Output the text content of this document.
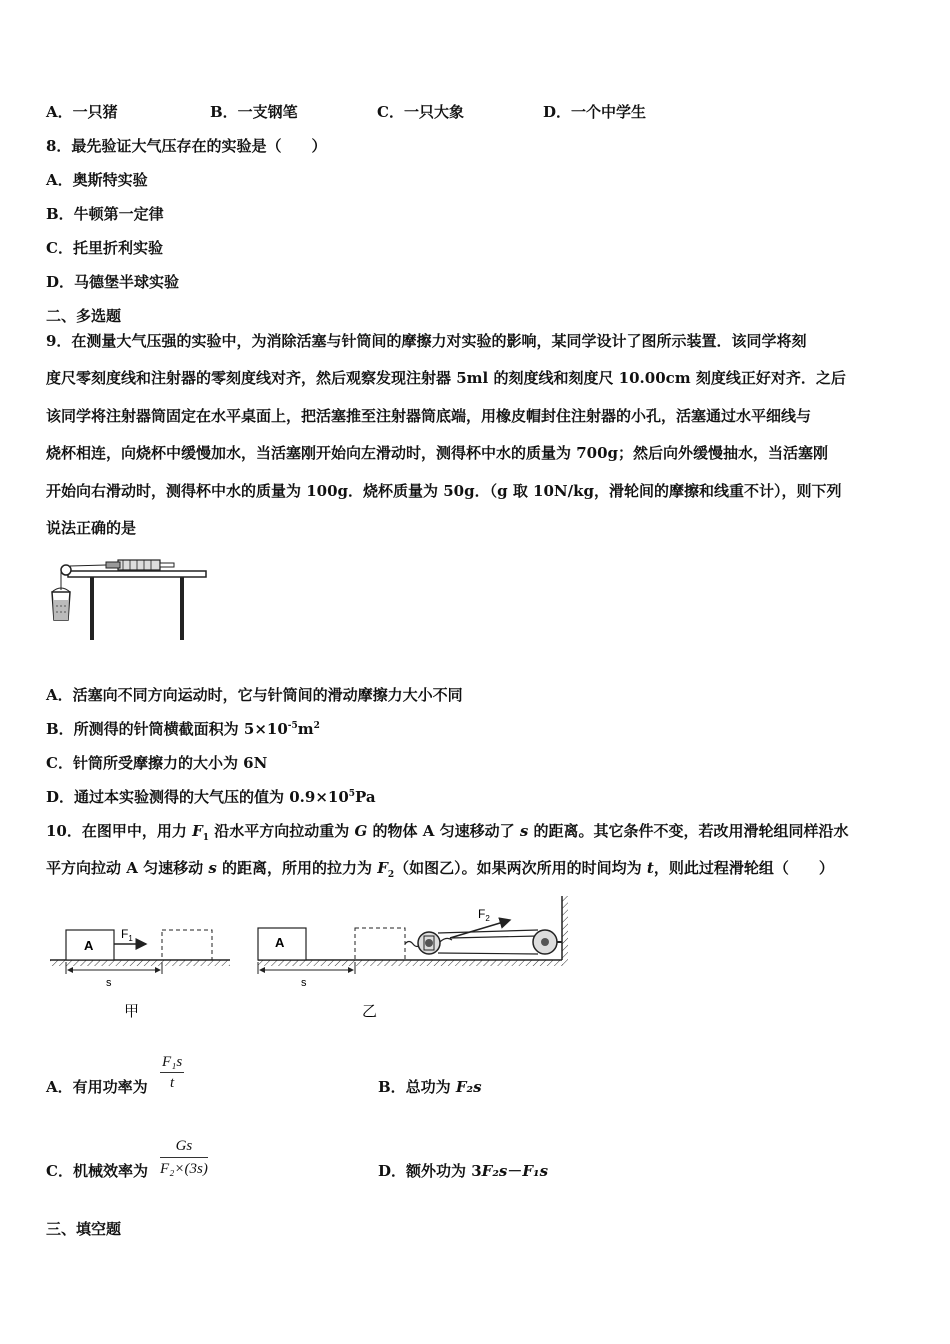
A．一只猪	B．一支钢笔	C．一只大象	D．一个中学生
8．最先验证大气压存在的实验是（　　）
A．奥斯特实验
B．牛顿第一定律
C．托里折利实验
D．马德堡半球实验
二、多选题
9．在测量大气压强的实验中，为消除活塞与针筒间的摩擦力对实验的影响，某同学设计了图所示装置．该同学将刻
度尺零刻度线和注射器的零刻度线对齐，然后观察发现注射器 5ml 的刻度线和刻度尺 10.00cm 刻度线正好对齐．之后
该同学将注射器筒固定在水平桌面上，把活塞推至注射器筒底端，用橡皮帽封住注射器的小孔，活塞通过水平细线与
烧杯相连，向烧杯中缓慢加水，当活塞刚开始向左滑动时，测得杯中水的质量为 700g；然后向外缓慢抽水，当活塞刚
开始向右滑动时，测得杯中水的质量为 100g．烧杯质量为 50g．（g 取 10N/kg，滑轮间的摩擦和线重不计），则下列
说法正确的是
A．活塞向不同方向运动时，它与针筒间的滑动摩擦力大小不同
B．所测得的针筒横截面积为 $5\times 10^{-5}m^2$
C．针筒所受摩擦力的大小为 6N
D．通过本实验测得的大气压的值为 $0.9\times 10^5Pa$
10．在图甲中，用力 $F_1$ 沿水平方向拉动重为 G 的物体 A 匀速移动了 s 的距离。其它条件不变，若改用滑轮组同样沿水
平方向拉动 A 匀速移动 s 的距离，所用的拉力为 $F_2$（如图乙）。如果两次所用的时间均为 t，则此过程滑轮组（　　）
A
$F_1$
s
甲
A
$F_2$
s
乙
A．有用功率为 $\frac{\text{F₁s}}{t}$	B．总功为 F₂s
C．机械效率为 $\frac{Gs}{\text{F₂×(3s)}}$	D．额外功为 3F₂s－F₁s
三、填空题
